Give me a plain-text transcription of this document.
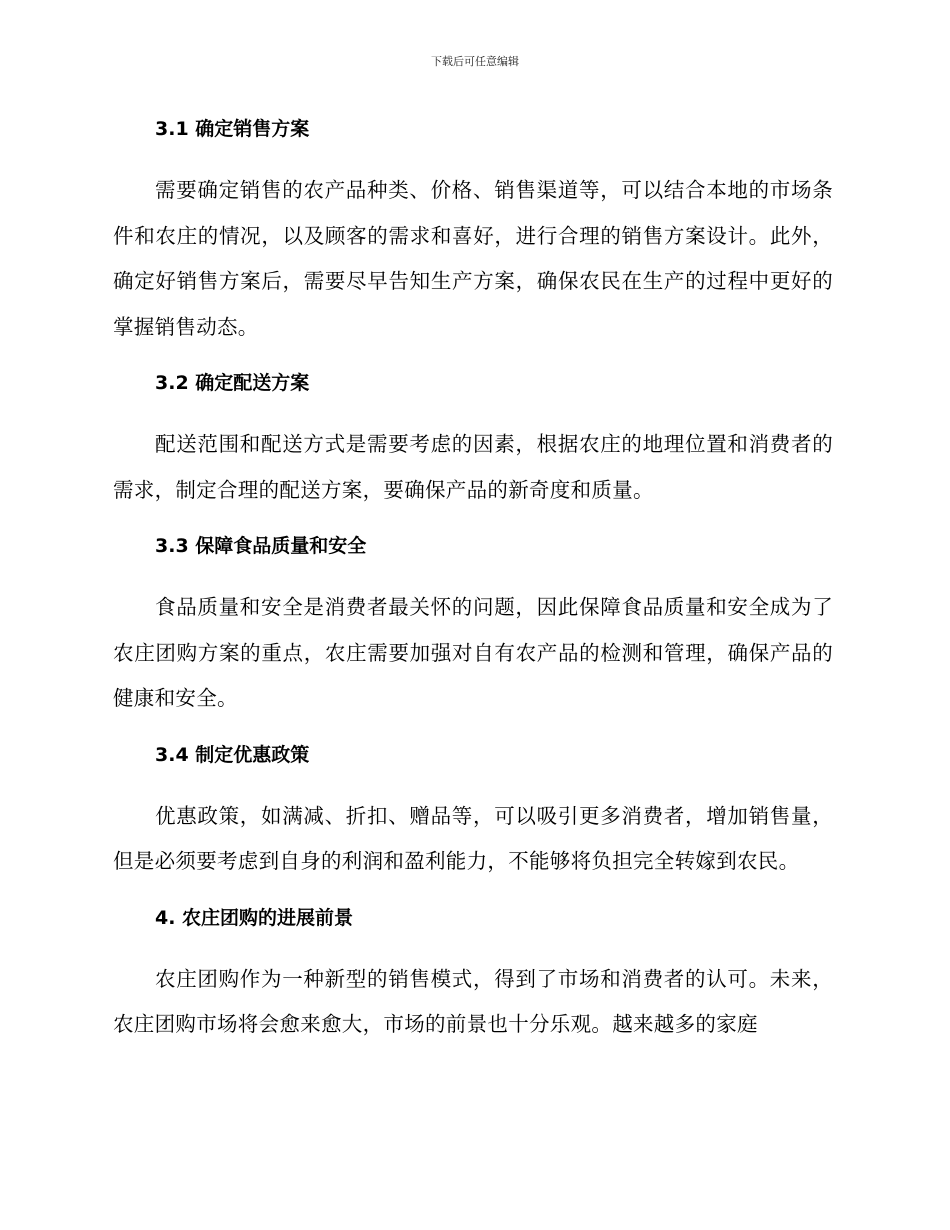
下载后可任意编辑
3.1 确定销售方案
需要确定销售的农产品种类、价格、销售渠道等，可以结合本地的市场条件和农庄的情况，以及顾客的需求和喜好，进行合理的销售方案设计。此外，确定好销售方案后，需要尽早告知生产方案，确保农民在生产的过程中更好的掌握销售动态。
3.2 确定配送方案
配送范围和配送方式是需要考虑的因素，根据农庄的地理位置和消费者的需求，制定合理的配送方案，要确保产品的新奇度和质量。
3.3 保障食品质量和安全
食品质量和安全是消费者最关怀的问题，因此保障食品质量和安全成为了农庄团购方案的重点，农庄需要加强对自有农产品的检测和管理，确保产品的健康和安全。
3.4 制定优惠政策
优惠政策，如满减、折扣、赠品等，可以吸引更多消费者，增加销售量，但是必须要考虑到自身的利润和盈利能力，不能够将负担完全转嫁到农民。
4. 农庄团购的进展前景
农庄团购作为一种新型的销售模式，得到了市场和消费者的认可。未来，农庄团购市场将会愈来愈大，市场的前景也十分乐观。越来越多的家庭
